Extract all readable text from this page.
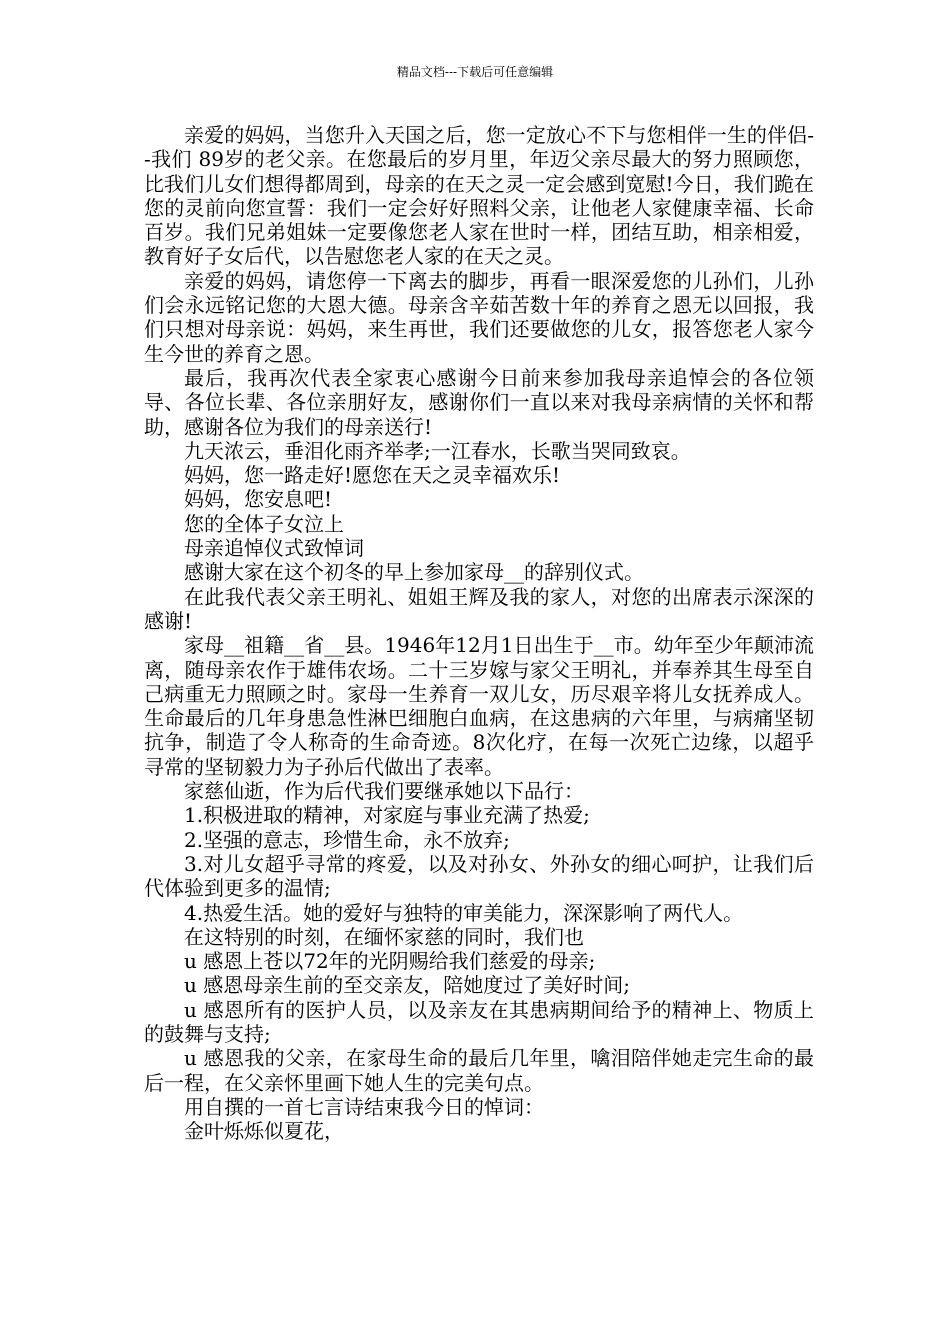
精品文档---下载后可任意编辑

亲爱的妈妈，当您升入天国之后，您一定放心不下与您相伴一生的伴侣--我们 89岁的老父亲。在您最后的岁月里，年迈父亲尽最大的努力照顾您，比我们儿女们想得都周到，母亲的在天之灵一定会感到宽慰!今日，我们跪在您的灵前向您宣誓：我们一定会好好照料父亲，让他老人家健康幸福、长命百岁。我们兄弟姐妹一定要像您老人家在世时一样，团结互助，相亲相爱，教育好子女后代，以告慰您老人家的在天之灵。

亲爱的妈妈，请您停一下离去的脚步，再看一眼深爱您的儿孙们，儿孙们会永远铭记您的大恩大德。母亲含辛茹苦数十年的养育之恩无以回报，我们只想对母亲说：妈妈，来生再世，我们还要做您的儿女，报答您老人家今生今世的养育之恩。

最后，我再次代表全家衷心感谢今日前来参加我母亲追悼会的各位领导、各位长辈、各位亲朋好友，感谢你们一直以来对我母亲病情的关怀和帮助，感谢各位为我们的母亲送行!

九天浓云，垂泪化雨齐举孝;一江春水，长歌当哭同致哀。

妈妈，您一路走好!愿您在天之灵幸福欢乐!

妈妈，您安息吧!

您的全体子女泣上

母亲追悼仪式致悼词

感谢大家在这个初冬的早上参加家母__的辞别仪式。

在此我代表父亲王明礼、姐姐王辉及我的家人，对您的出席表示深深的感谢!

家母__祖籍__省__县。1946年12月1日出生于__市。幼年至少年颠沛流离，随母亲农作于雄伟农场。二十三岁嫁与家父王明礼，并奉养其生母至自己病重无力照顾之时。家母一生养育一双儿女，历尽艰辛将儿女抚养成人。生命最后的几年身患急性淋巴细胞白血病，在这患病的六年里，与病痛坚韧抗争，制造了令人称奇的生命奇迹。8次化疗，在每一次死亡边缘，以超乎寻常的坚韧毅力为子孙后代做出了表率。

家慈仙逝，作为后代我们要继承她以下品行：

1.积极进取的精神，对家庭与事业充满了热爱;

2.坚强的意志，珍惜生命，永不放弃;

3.对儿女超乎寻常的疼爱，以及对孙女、外孙女的细心呵护，让我们后代体验到更多的温情;

4.热爱生活。她的爱好与独特的审美能力，深深影响了两代人。

在这特别的时刻，在缅怀家慈的同时，我们也

u 感恩上苍以72年的光阴赐给我们慈爱的母亲;

u 感恩母亲生前的至交亲友，陪她度过了美好时间;

u 感恩所有的医护人员，以及亲友在其患病期间给予的精神上、物质上的鼓舞与支持;

u 感恩我的父亲，在家母生命的最后几年里，噙泪陪伴她走完生命的最后一程，在父亲怀里画下她人生的完美句点。

用自撰的一首七言诗结束我今日的悼词：

金叶烁烁似夏花，
